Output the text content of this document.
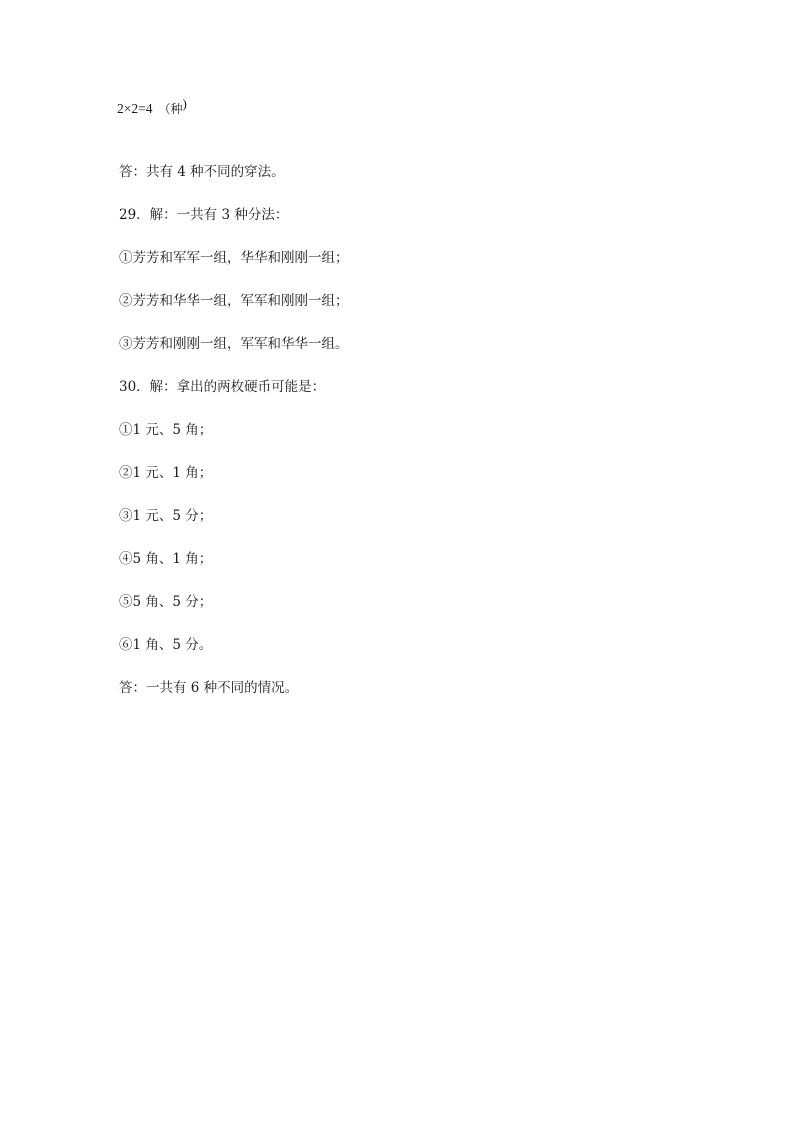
2×2=4 （种)
答：共有 4 种不同的穿法。
29．解：一共有 3 种分法：
①芳芳和军军一组，华华和刚刚一组；
②芳芳和华华一组，军军和刚刚一组；
③芳芳和刚刚一组，军军和华华一组。
30．解：拿出的两枚硬币可能是：
①1 元、5 角；
②1 元、1 角；
③1 元、5 分；
④5 角、1 角；
⑤5 角、5 分；
⑥1 角、5 分。
答：一共有 6 种不同的情况。
